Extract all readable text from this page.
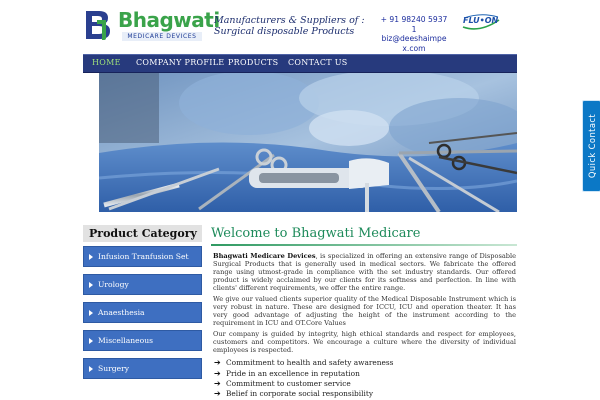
Bhagwati
MEDICARE DEVICES
Manufacturers & Suppliers of :
Surgical disposable Products
+ 91 98240 59371
biz@deeshaimpex.com
FLU•ON
HOME COMPANY PROFILE PRODUCTS CONTACT US
Quick Contact
Product Category
Infusion Tranfusion Set
Urology
Anaesthesia
Miscellaneous
Surgery
Welcome to Bhagwati Medicare
Bhagwati Medicare Devices, is specialized in offering an extensive range of Disposable Surgical Products that is generally used in medical sectors. We fabricate the offered range using utmost-grade in compliance with the set industry standards. Our offered product is widely acclaimed by our clients for its softness and perfection. In line with clients' different requirements, we offer the entire range.
We give our valued clients superior quality of the Medical Disposable Instrument which is very robust in nature. These are designed for ICCU, ICU and operation theater. It has very good advantage of adjusting the height of the instrument according to the requirement in ICU and OT.Core Values
Our company is guided by integrity, high ethical standards and respect for employees, customers and competitors. We encourage a culture where the diversity of individual employees is respected.
➔ Commitment to health and safety awareness
➔ Pride in an excellence in reputation
➔ Commitment to customer service
➔ Belief in corporate social responsibility
